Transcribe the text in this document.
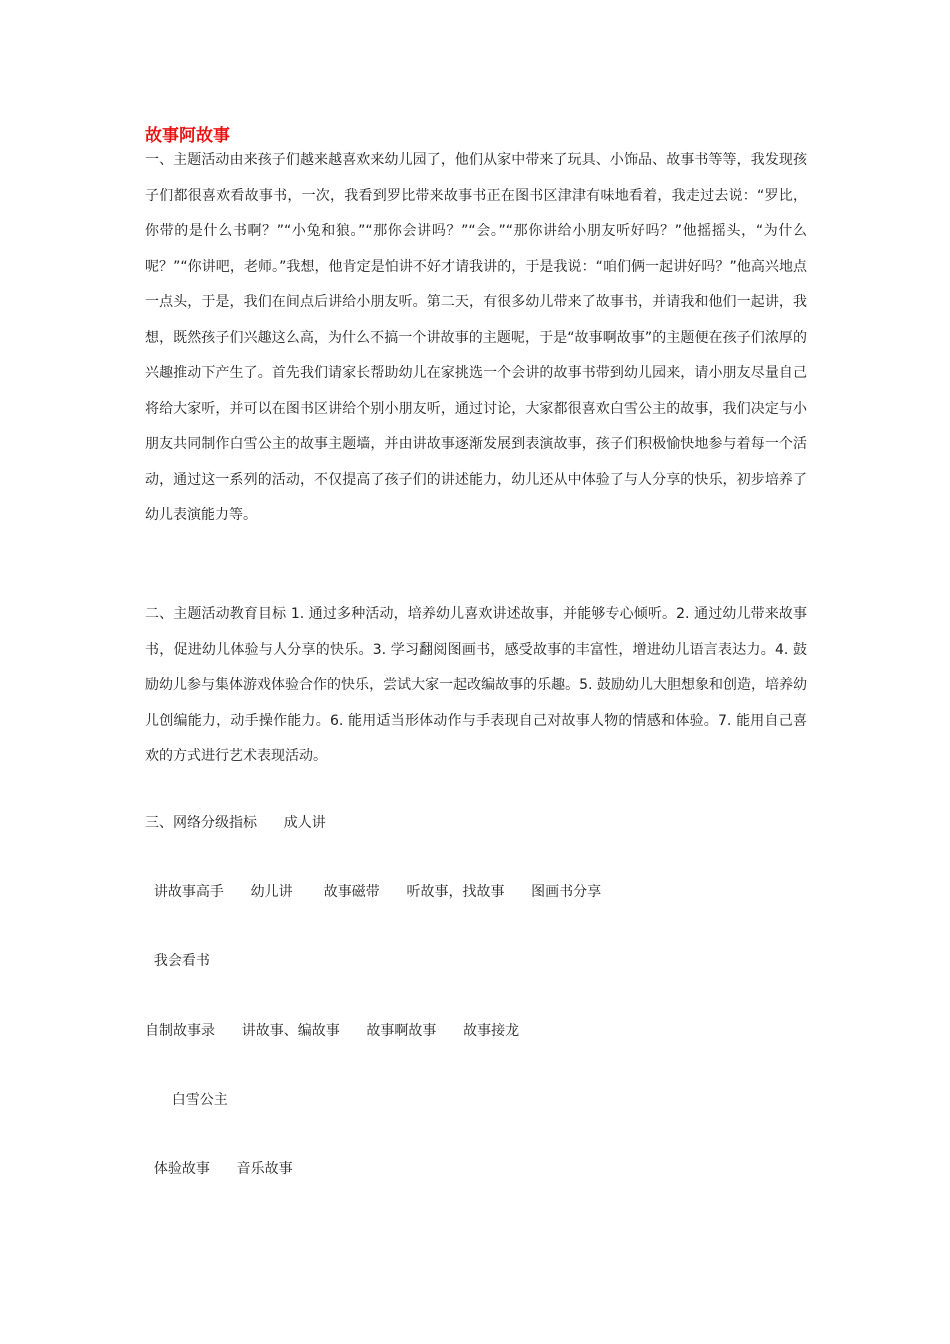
故事阿故事

一、主题活动由来孩子们越来越喜欢来幼儿园了，他们从家中带来了玩具、小饰品、故事书等等，我发现孩子们都很喜欢看故事书，一次，我看到罗比带来故事书正在图书区津津有味地看着，我走过去说：“罗比，你带的是什么书啊？”“小兔和狼。”“那你会讲吗？”“会。”“那你讲给小朋友听好吗？”他摇摇头，“为什么呢？”“你讲吧，老师。”我想，他肯定是怕讲不好才请我讲的，于是我说：“咱们俩一起讲好吗？”他高兴地点一点头，于是，我们在间点后讲给小朋友听。第二天，有很多幼儿带来了故事书，并请我和他们一起讲，我想，既然孩子们兴趣这么高，为什么不搞一个讲故事的主题呢，于是“故事啊故事”的主题便在孩子们浓厚的兴趣推动下产生了。首先我们请家长帮助幼儿在家挑选一个会讲的故事书带到幼儿园来，请小朋友尽量自己将给大家听，并可以在图书区讲给个别小朋友听，通过讨论，大家都很喜欢白雪公主的故事，我们决定与小朋友共同制作白雪公主的故事主题墙，并由讲故事逐渐发展到表演故事，孩子们积极愉快地参与着每一个活动，通过这一系列的活动，不仅提高了孩子们的讲述能力，幼儿还从中体验了与人分享的快乐，初步培养了幼儿表演能力等。

二、主题活动教育目标 1. 通过多种活动，培养幼儿喜欢讲述故事，并能够专心倾听。2. 通过幼儿带来故事书，促进幼儿体验与人分享的快乐。3. 学习翻阅图画书，感受故事的丰富性，增进幼儿语言表达力。4. 鼓励幼儿参与集体游戏体验合作的快乐，尝试大家一起改编故事的乐趣。5. 鼓励幼儿大胆想象和创造，培养幼儿创编能力，动手操作能力。6. 能用适当形体动作与手表现自己对故事人物的情感和体验。7. 能用自己喜欢的方式进行艺术表现活动。

三、网络分级指标      成人讲
讲故事高手      幼儿讲       故事磁带      听故事，找故事      图画书分享
我会看书
自制故事录      讲故事、编故事      故事啊故事      故事接龙
白雪公主
体验故事      音乐故事
